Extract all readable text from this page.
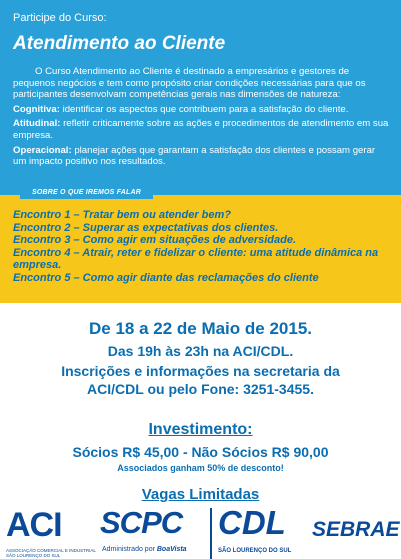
Participe do Curso:
Atendimento ao Cliente

O Curso Atendimento ao Cliente é destinado a empresários e gestores de pequenos negócios e tem como propósito criar condições necessárias para que os participantes desenvolvam competências gerais nas dimensões de natureza:

Cognitiva: identificar os aspectos que contribuem para a satisfação do cliente.

Atitudinal: refletir criticamente sobre as ações e procedimentos de atendimento em sua empresa.

Operacional: planejar ações que garantam a satisfação dos clientes e possam gerar um impacto positivo nos resultados.

SOBRE O QUE IREMOS FALAR
Encontro 1 – Tratar bem ou atender bem?
Encontro 2 – Superar as expectativas dos clientes.
Encontro 3 – Como agir em situações de adversidade.
Encontro 4 – Atrair, reter e fidelizar o cliente: uma atitude dinâmica na empresa.
Encontro 5 – Como agir diante das reclamações do cliente
De 18 a 22 de Maio de 2015.
Das 19h às 23h na ACI/CDL.
Inscrições e informações na secretaria da
ACI/CDL ou pelo Fone: 3251-3455.
Investimento:
Sócios R$ 45,00 - Não Sócios R$ 90,00
Associados ganham 50% de desconto!
Vagas Limitadas
ACI
ASSOCIAÇÃO COMERCIAL E INDUSTRIAL SÃO LOURENÇO DO SUL
SCPC
Administrado por BoaVista
CDL
SÃO LOURENÇO DO SUL
SEBRAE
